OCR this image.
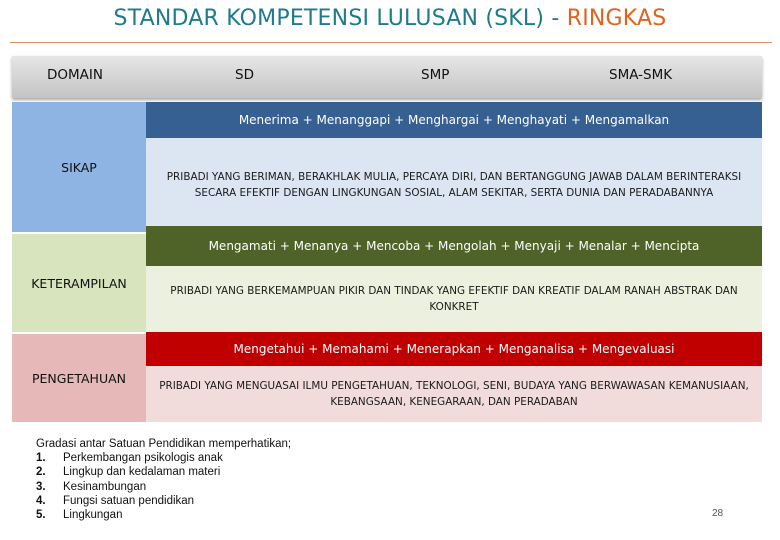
STANDAR KOMPETENSI LULUSAN (SKL) - RINGKAS
DOMAIN	SD	SMP	SMA-SMK
SIKAP
Menerima + Menanggapi + Menghargai + Menghayati + Mengamalkan
PRIBADI YANG BERIMAN, BERAKHLAK MULIA, PERCAYA DIRI, DAN BERTANGGUNG JAWAB DALAM BERINTERAKSI SECARA EFEKTIF DENGAN LINGKUNGAN SOSIAL, ALAM SEKITAR, SERTA DUNIA DAN PERADABANNYA
KETERAMPILAN
Mengamati + Menanya + Mencoba + Mengolah + Menyaji + Menalar + Mencipta
PRIBADI YANG BERKEMAMPUAN PIKIR DAN TINDAK YANG EFEKTIF DAN KREATIF DALAM RANAH ABSTRAK DAN KONKRET
PENGETAHUAN
Mengetahui + Memahami + Menerapkan + Menganalisa + Mengevaluasi
PRIBADI YANG MENGUASAI ILMU PENGETAHUAN, TEKNOLOGI, SENI, BUDAYA YANG BERWAWASAN KEMANUSIAAN, KEBANGSAAN, KENEGARAAN, DAN PERADABAN
Gradasi antar Satuan Pendidikan memperhatikan;
1.	Perkembangan psikologis anak
2.	Lingkup dan kedalaman materi
3.	Kesinambungan
4.	Fungsi satuan pendidikan
5.	Lingkungan	28
